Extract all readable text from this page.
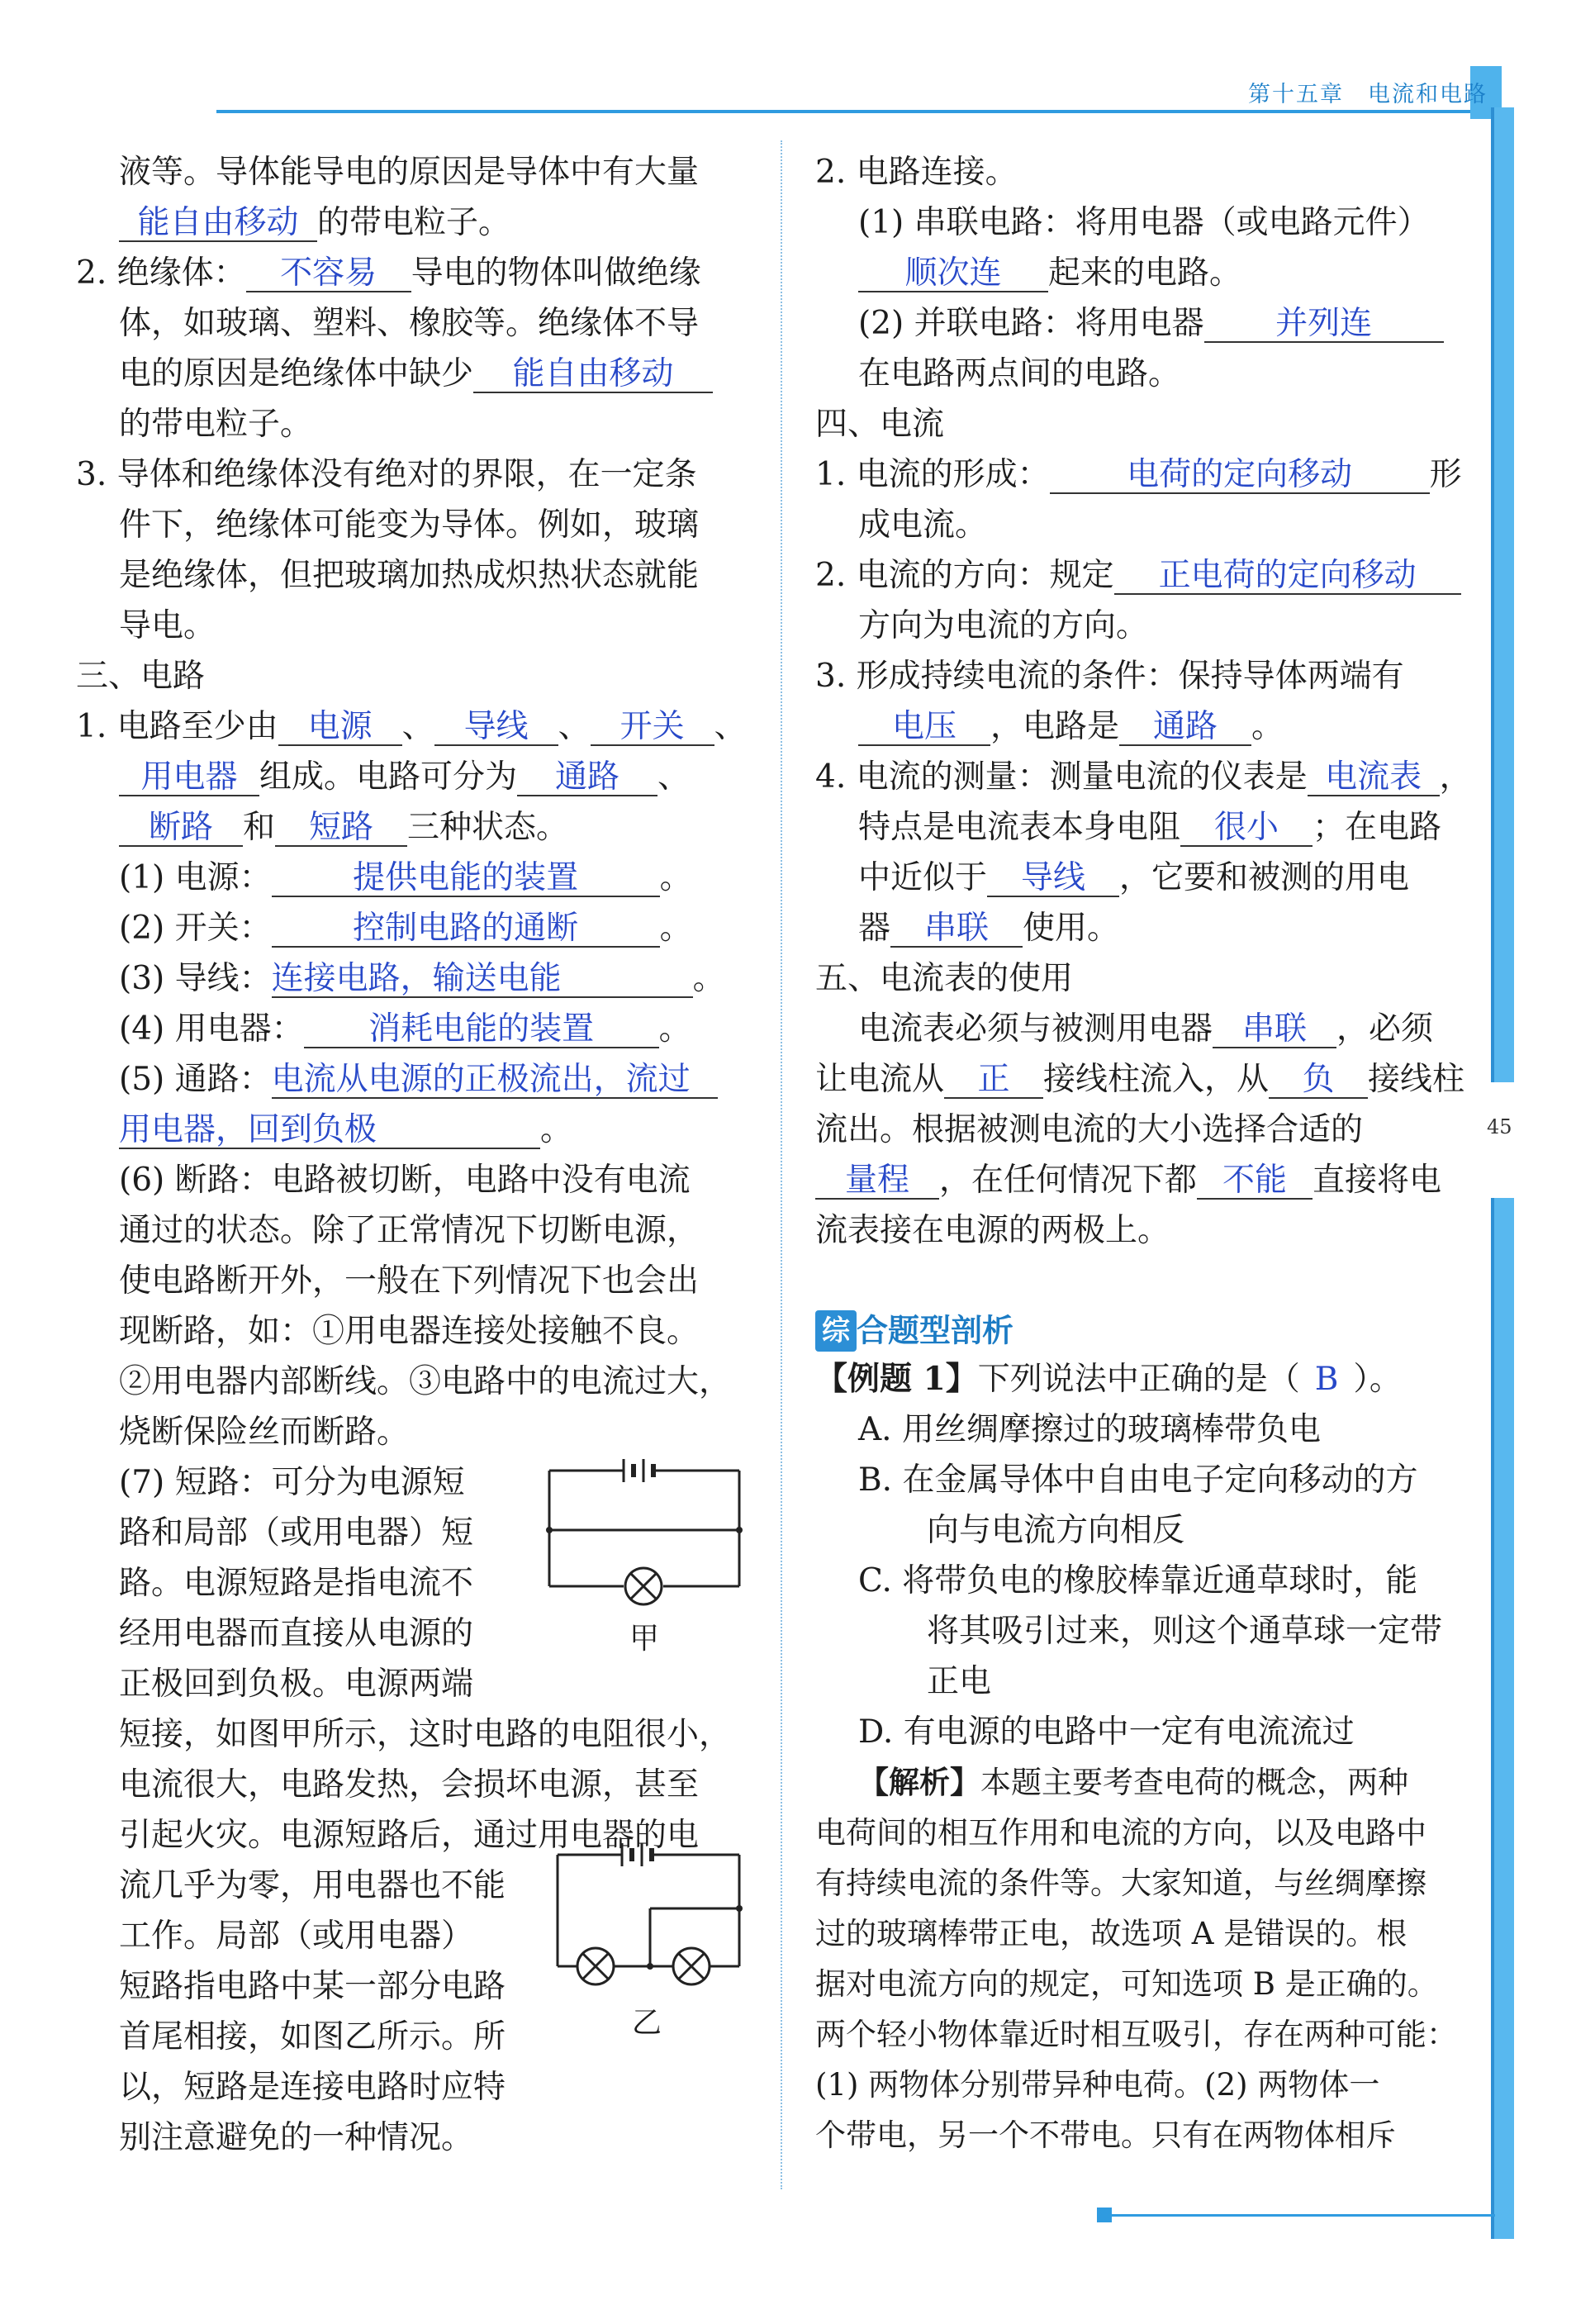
第十五章　电流和电路
45
液等。导体能导电的原因是导体中有大量
能自由移动 的带电粒子。
2. 绝缘体： 不容易 导电的物体叫做绝缘
体，如玻璃、塑料、橡胶等。绝缘体不导
电的原因是绝缘体中缺少 能自由移动
的带电粒子。
3. 导体和绝缘体没有绝对的界限，在一定条
件下，绝缘体可能变为导体。例如，玻璃
是绝缘体，但把玻璃加热成炽热状态就能
导电。
三、电路
1. 电路至少由 电源 、 导线 、 开关 、
用电器 组成。电路可分为 通路 、
断路 和 短路 三种状态。
(1) 电源：	提供电能的装置	。
(2) 开关：	控制电路的通断	。
(3) 导线：连接电路，输送电能	。
(4) 用电器： 消耗电能的装置 。
(5) 通路：电流从电源的正极流出，流过
用电器，回到负极	。
(6) 断路：电路被切断，电路中没有电流
通过的状态。除了正常情况下切断电源，
使电路断开外，一般在下列情况下也会出
现断路，如：①用电器连接处接触不良。
②用电器内部断线。③电路中的电流过大，
烧断保险丝而断路。
(7) 短路：可分为电源短
路和局部（或用电器）短
路。电源短路是指电流不
经用电器而直接从电源的
正极回到负极。电源两端
短接，如图甲所示，这时电路的电阻很小，
电流很大，电路发热，会损坏电源，甚至
引起火灾。电源短路后，通过用电器的电
流几乎为零，用电器也不能
工作。局部（或用电器）
短路指电路中某一部分电路
首尾相接，如图乙所示。所
以，短路是连接电路时应特
别注意避免的一种情况。
甲
乙
2. 电路连接。
(1) 串联电路：将用电器（或电路元件）
顺次连 起来的电路。
(2) 并联电路：将用电器 并列连
在电路两点间的电路。
四、电流
1. 电流的形成： 电荷的定向移动 形
成电流。
2. 电流的方向：规定 正电荷的定向移动
方向为电流的方向。
3. 形成持续电流的条件：保持导体两端有
电压 ，电路是 通路 。
4. 电流的测量：测量电流的仪表是 电流表 ，
特点是电流表本身电阻 很小 ；在电路
中近似于 导线 ，它要和被测的用电
器 串联 使用。
五、电流表的使用
电流表必须与被测用电器 串联 ，必须
让电流从 正 接线柱流入，从 负 接线柱
流出。根据被测电流的大小选择合适的
量程 ，在任何情况下都 不能 直接将电
流表接在电源的两极上。
综 合题型剖析
【例题 1】下列说法中正确的是（ B ）。
A. 用丝绸摩擦过的玻璃棒带负电
B. 在金属导体中自由电子定向移动的方
向与电流方向相反
C. 将带负电的橡胶棒靠近通草球时，能
将其吸引过来，则这个通草球一定带
正电
D. 有电源的电路中一定有电流流过
【解析】本题主要考查电荷的概念，两种
电荷间的相互作用和电流的方向，以及电路中
有持续电流的条件等。大家知道，与丝绸摩擦
过的玻璃棒带正电，故选项 A 是错误的。根
据对电流方向的规定，可知选项 B 是正确的。
两个轻小物体靠近时相互吸引，存在两种可能：
(1) 两物体分别带异种电荷。(2) 两物体一
个带电，另一个不带电。只有在两物体相斥
